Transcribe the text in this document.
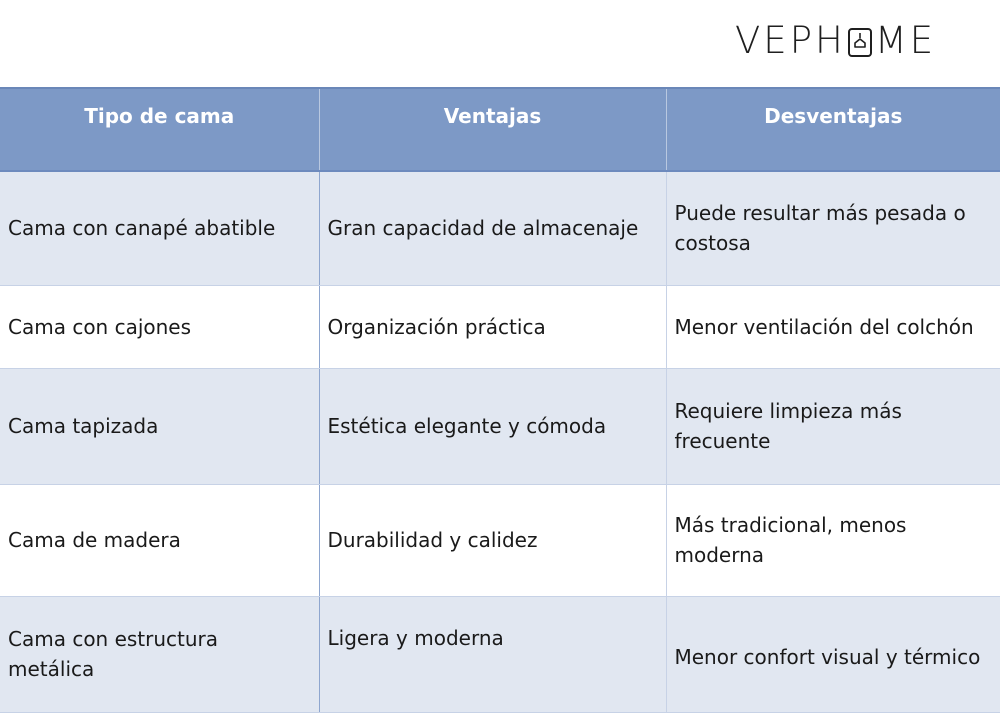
VEPH ME
Tipo de cama	Ventajas	Desventajas
Cama con canapé abatible	Gran capacidad de almacenaje	Puede resultar más pesada o costosa
Cama con cajones	Organización práctica	Menor ventilación del colchón
Cama tapizada	Estética elegante y cómoda	Requiere limpieza más frecuente
Cama de madera	Durabilidad y calidez	Más tradicional, menos moderna
Cama con estructura metálica	Ligera y moderna	Menor confort visual y térmico
